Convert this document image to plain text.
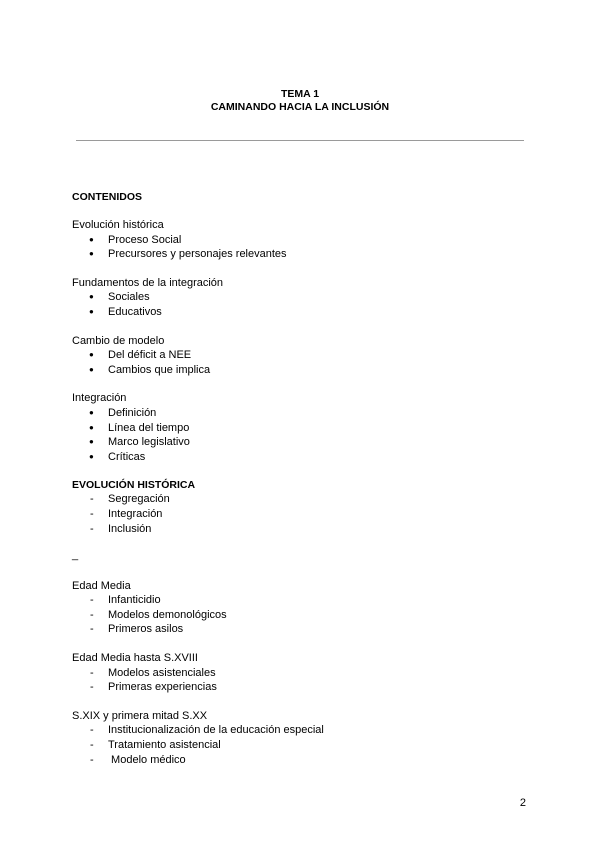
TEMA 1
CAMINANDO HACIA LA INCLUSIÓN

CONTENIDOS

Evolución histórica

● Proceso Social
● Precursores y personajes relevantes

Fundamentos de la integración

● Sociales
● Educativos

Cambio de modelo

● Del déficit a NEE
● Cambios que implica

Integración

● Definición
● Línea del tiempo
● Marco legislativo
● Críticas

EVOLUCIÓN HISTÓRICA

- Segregación
- Integración
- Inclusión

_

Edad Media

- Infanticidio
- Modelos demonológicos
- Primeros asilos

Edad Media hasta S.XVIII

- Modelos asistenciales
- Primeras experiencias

S.XIX y primera mitad S.XX

- Institucionalización de la educación especial
- Tratamiento asistencial
-  Modelo médico
2
